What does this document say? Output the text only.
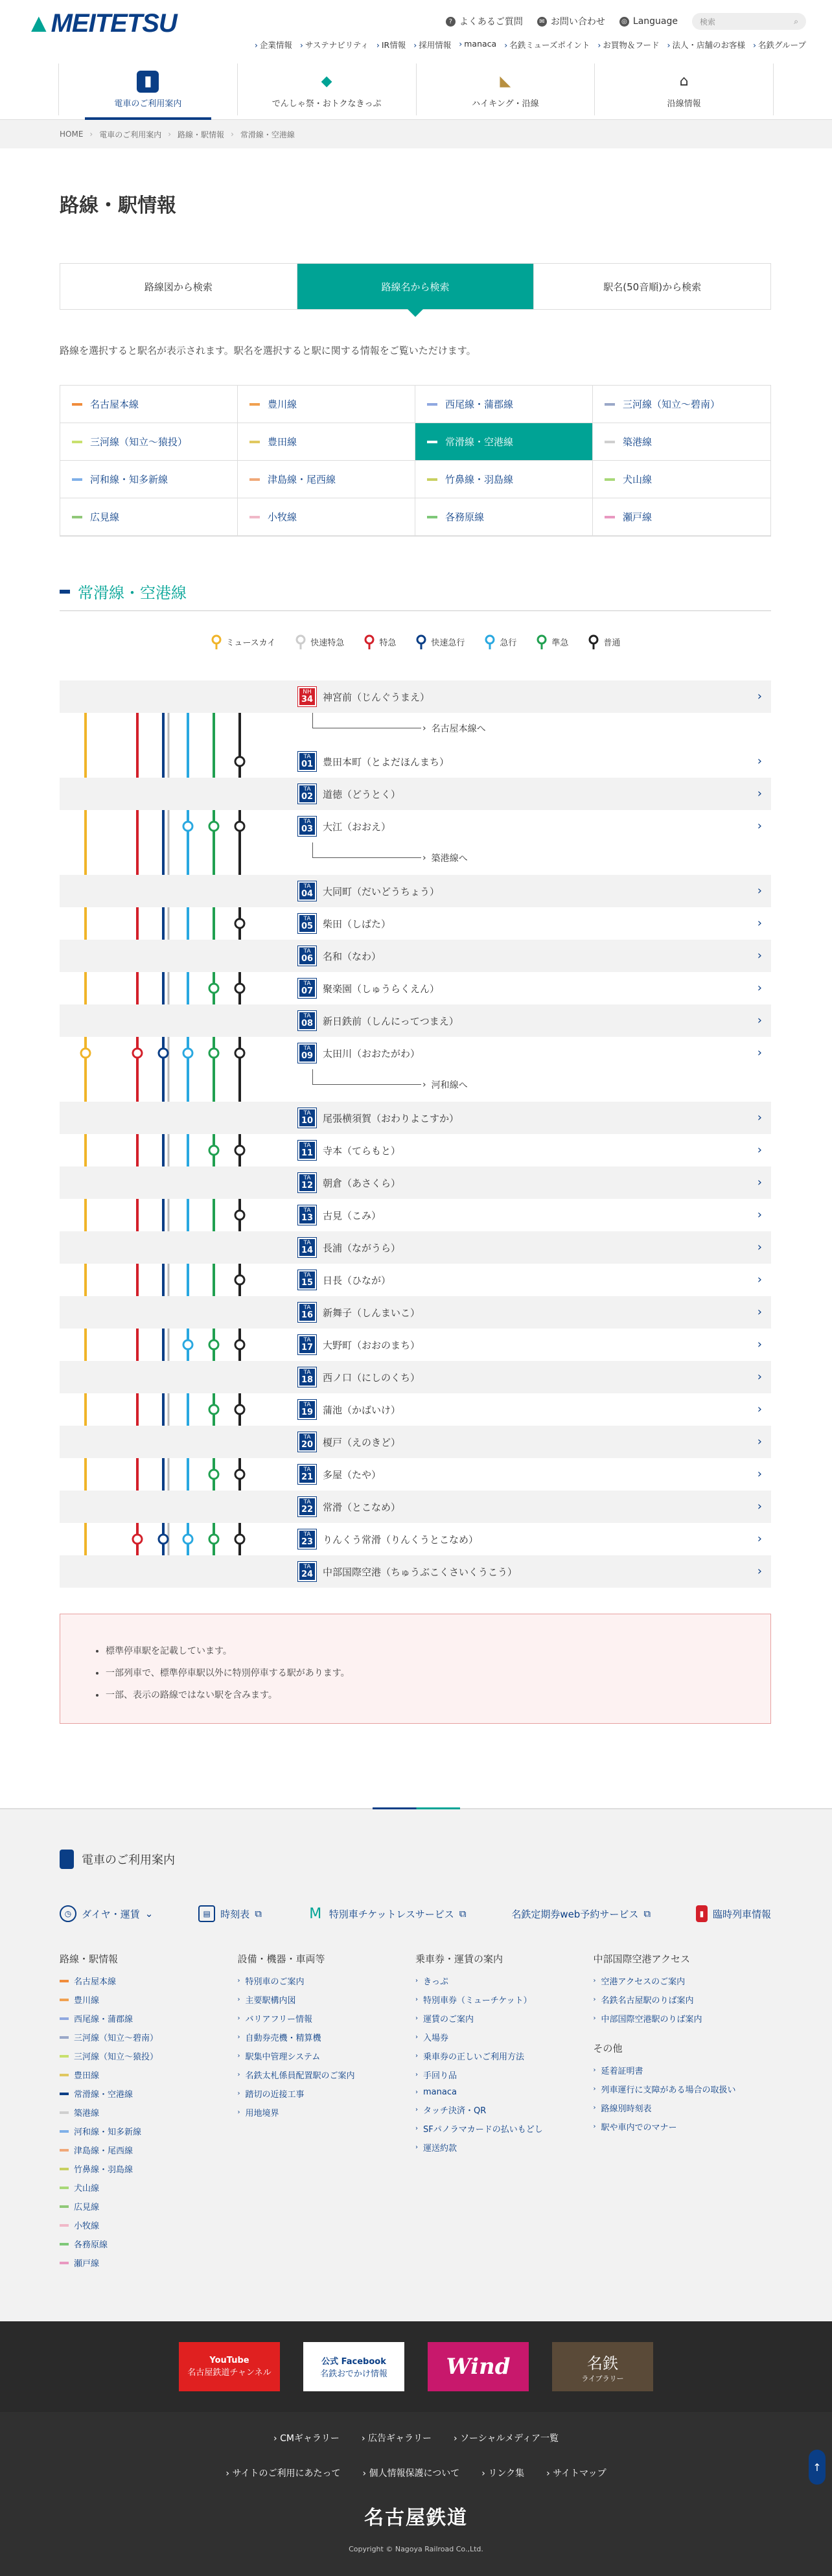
▲MEITETSU	? よくあるご質問	✉ お問い合わせ	◎ Language	検索	⌕
› 企業情報 › サステナビリティ › IR情報 › 採用情報 › manaca › 名鉄ミューズポイント › お買物＆フード › 法人・店舗のお客様 › 名鉄グループ
▮
電車のご利用案内
◆
でんしゃ祭・おトクなきっぷ
◣
ハイキング・沿線
⌂
沿線情報
HOME › 電車のご利用案内 › 路線・駅情報 › 常滑線・空港線
路線・駅情報
路線図から検索	路線名から検索	駅名(50音順)から検索

路線を選択すると駅名が表示されます。駅名を選択すると駅に関する情報をご覧いただけます。

名古屋本線	豊川線	西尾線・蒲郡線	三河線（知立〜碧南）
三河線（知立〜猿投）	豊田線	常滑線・空港線	築港線
河和線・知多新線	津島線・尾西線	竹鼻線・羽島線	犬山線
広見線	小牧線	各務原線	瀬戸線
常滑線・空港線
ミュースカイ	快速特急	特急	快速急行	急行	準急	普通
NH
34 神宮前（じんぐうまえ）	›
› 名古屋本線へ
TA
01 豊田本町（とよだほんまち）	›
TA
02 道徳（どうとく）	›
TA
03 大江（おおえ）	›
› 築港線へ
TA
04 大同町（だいどうちょう）	›
TA
05 柴田（しばた）	›
TA
06 名和（なわ）	›
TA
07 聚楽園（しゅうらくえん）	›
TA
08 新日鉄前（しんにってつまえ）	›
TA
09 太田川（おおたがわ）	›
› 河和線へ
TA
10 尾張横須賀（おわりよこすか）	›
TA
11 寺本（てらもと）	›
TA
12 朝倉（あさくら）	›
TA
13 古見（こみ）	›
TA
14 長浦（ながうら）	›
TA
15 日長（ひなが）	›
TA
16 新舞子（しんまいこ）	›
TA
17 大野町（おおのまち）	›
TA
18 西ノ口（にしのくち）	›
TA
19 蒲池（かばいけ）	›
TA
20 榎戸（えのきど）	›
TA
21 多屋（たや）	›
TA
22 常滑（とこなめ）	›
TA
23 りんくう常滑（りんくうとこなめ）	›
TA
24 中部国際空港（ちゅうぶこくさいくうこう）	›
• 標準停車駅を記載しています。
• 一部列車で、標準停車駅以外に特別停車する駅があります。
• 一部、表示の路線ではない駅を含みます。
電車のご利用案内
◷	ダイヤ・運賃 ⌄	▤	時刻表 ⧉	M 特別車チケットレスサービス ⧉	名鉄定期券web予約サービス ⧉	▮ 臨時列車情報
路線・駅情報
名古屋本線
豊川線
西尾線・蒲郡線
三河線（知立〜碧南）
三河線（知立〜猿投）
豊田線
常滑線・空港線
築港線
河和線・知多新線
津島線・尾西線
竹鼻線・羽島線
犬山線
広見線
小牧線
各務原線
瀬戸線
設備・機器・車両等
› 特別車のご案内
› 主要駅構内図
› バリアフリー情報
› 自動券売機・精算機
› 駅集中管理システム
› 名鉄太札係員配置駅のご案内
› 踏切の近接工事
› 用地境界
乗車券・運賃の案内
› きっぷ
› 特別車券（ミューチケット）
› 運賃のご案内
› 入場券
› 乗車券の正しいご利用方法
› 手回り品
› manaca
› タッチ決済・QR
› SFパノラマカードの払いもどし
› 運送約款
中部国際空港アクセス
› 空港アクセスのご案内
› 名鉄名古屋駅のりば案内
› 中部国際空港駅のりば案内
その他
› 延着証明書
› 列車運行に支障がある場合の取扱い
› 路線別時刻表
› 駅や車内でのマナー
YouTube
名古屋鉄道チャンネル
公式 Facebook
名鉄おでかけ情報	Wind	名鉄
ライブラリー
› CMギャラリー › 広告ギャラリー › ソーシャルメディア一覧
› サイトのご利用にあたって › 個人情報保護について › リンク集 › サイトマップ
名古屋鉄道
Copyright © Nagoya Railroad Co.,Ltd.
↑
